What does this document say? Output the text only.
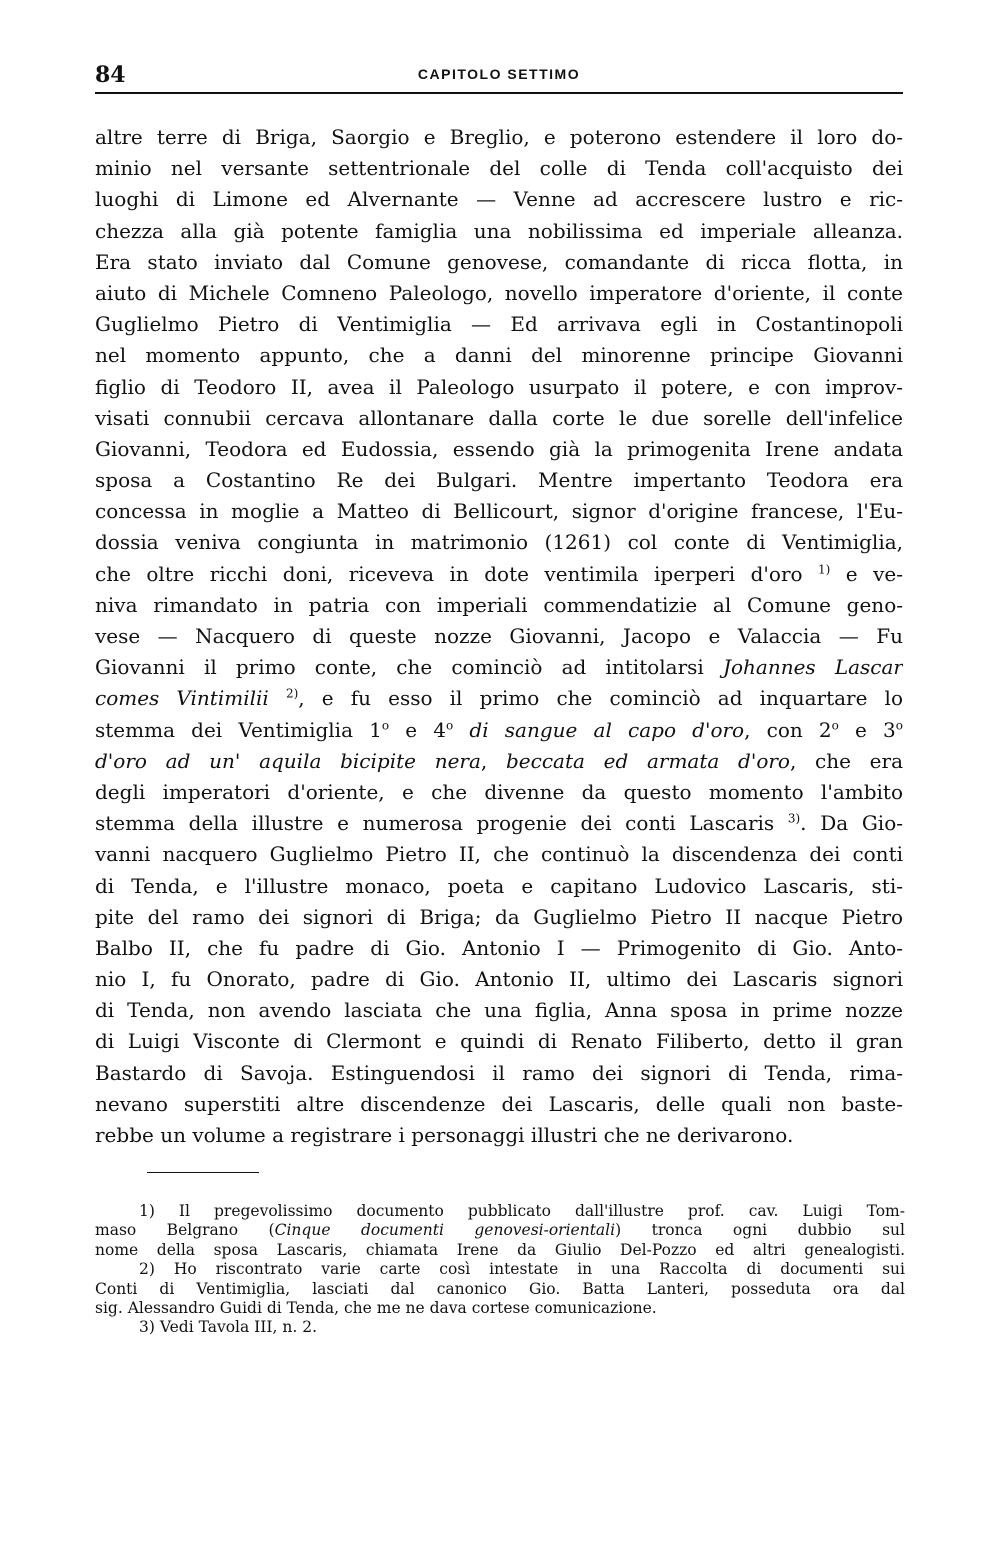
84	CAPITOLO SETTIMO
altre terre di Briga, Saorgio e Breglio, e poterono estendere il loro do-
minio nel versante settentrionale del colle di Tenda coll'acquisto dei
luoghi di Limone ed Alvernante — Venne ad accrescere lustro e ric-
chezza alla già potente famiglia una nobilissima ed imperiale alleanza.
Era stato inviato dal Comune genovese, comandante di ricca flotta, in
aiuto di Michele Comneno Paleologo, novello imperatore d'oriente, il conte
Guglielmo Pietro di Ventimiglia — Ed arrivava egli in Costantinopoli
nel momento appunto, che a danni del minorenne principe Giovanni
figlio di Teodoro II, avea il Paleologo usurpato il potere, e con improv-
visati connubii cercava allontanare dalla corte le due sorelle dell'infelice
Giovanni, Teodora ed Eudossia, essendo già la primogenita Irene andata
sposa a Costantino Re dei Bulgari. Mentre impertanto Teodora era
concessa in moglie a Matteo di Bellicourt, signor d'origine francese, l'Eu-
dossia veniva congiunta in matrimonio (1261) col conte di Ventimiglia,
che oltre ricchi doni, riceveva in dote ventimila iperperi d'oro $^{1)}$ e ve-
niva rimandato in patria con imperiali commendatizie al Comune geno-
vese — Nacquero di queste nozze Giovanni, Jacopo e Valaccia — Fu
Giovanni il primo conte, che cominciò ad intitolarsi Johannes Lascar
comes Vintimilii $^{2)}$, e fu esso il primo che cominciò ad inquartare lo
stemma dei Ventimiglia 1$^o$ e 4$^o$ di sangue al capo d'oro, con 2$^o$ e 3$^o$
d'oro ad un' aquila bicipite nera, beccata ed armata d'oro, che era
degli imperatori d'oriente, e che divenne da questo momento l'ambito
stemma della illustre e numerosa progenie dei conti Lascaris $^{3)}$. Da Gio-
vanni nacquero Guglielmo Pietro II, che continuò la discendenza dei conti
di Tenda, e l'illustre monaco, poeta e capitano Ludovico Lascaris, sti-
pite del ramo dei signori di Briga; da Guglielmo Pietro II nacque Pietro
Balbo II, che fu padre di Gio. Antonio I — Primogenito di Gio. Anto-
nio I, fu Onorato, padre di Gio. Antonio II, ultimo dei Lascaris signori
di Tenda, non avendo lasciata che una figlia, Anna sposa in prime nozze
di Luigi Visconte di Clermont e quindi di Renato Filiberto, detto il gran
Bastardo di Savoja. Estinguendosi il ramo dei signori di Tenda, rima-
nevano superstiti altre discendenze dei Lascaris, delle quali non baste-
rebbe un volume a registrare i personaggi illustri che ne derivarono.
1) Il pregevolissimo documento pubblicato dall'illustre prof. cav. Luigi Tom-
maso Belgrano (Cinque documenti genovesi-orientali) tronca ogni dubbio sul
nome della sposa Lascaris, chiamata Irene da Giulio Del-Pozzo ed altri genealogisti.
2) Ho riscontrato varie carte così intestate in una Raccolta di documenti sui
Conti di Ventimiglia, lasciati dal canonico Gio. Batta Lanteri, posseduta ora dal
sig. Alessandro Guidi di Tenda, che me ne dava cortese comunicazione.
3) Vedi Tavola III, n. 2.
